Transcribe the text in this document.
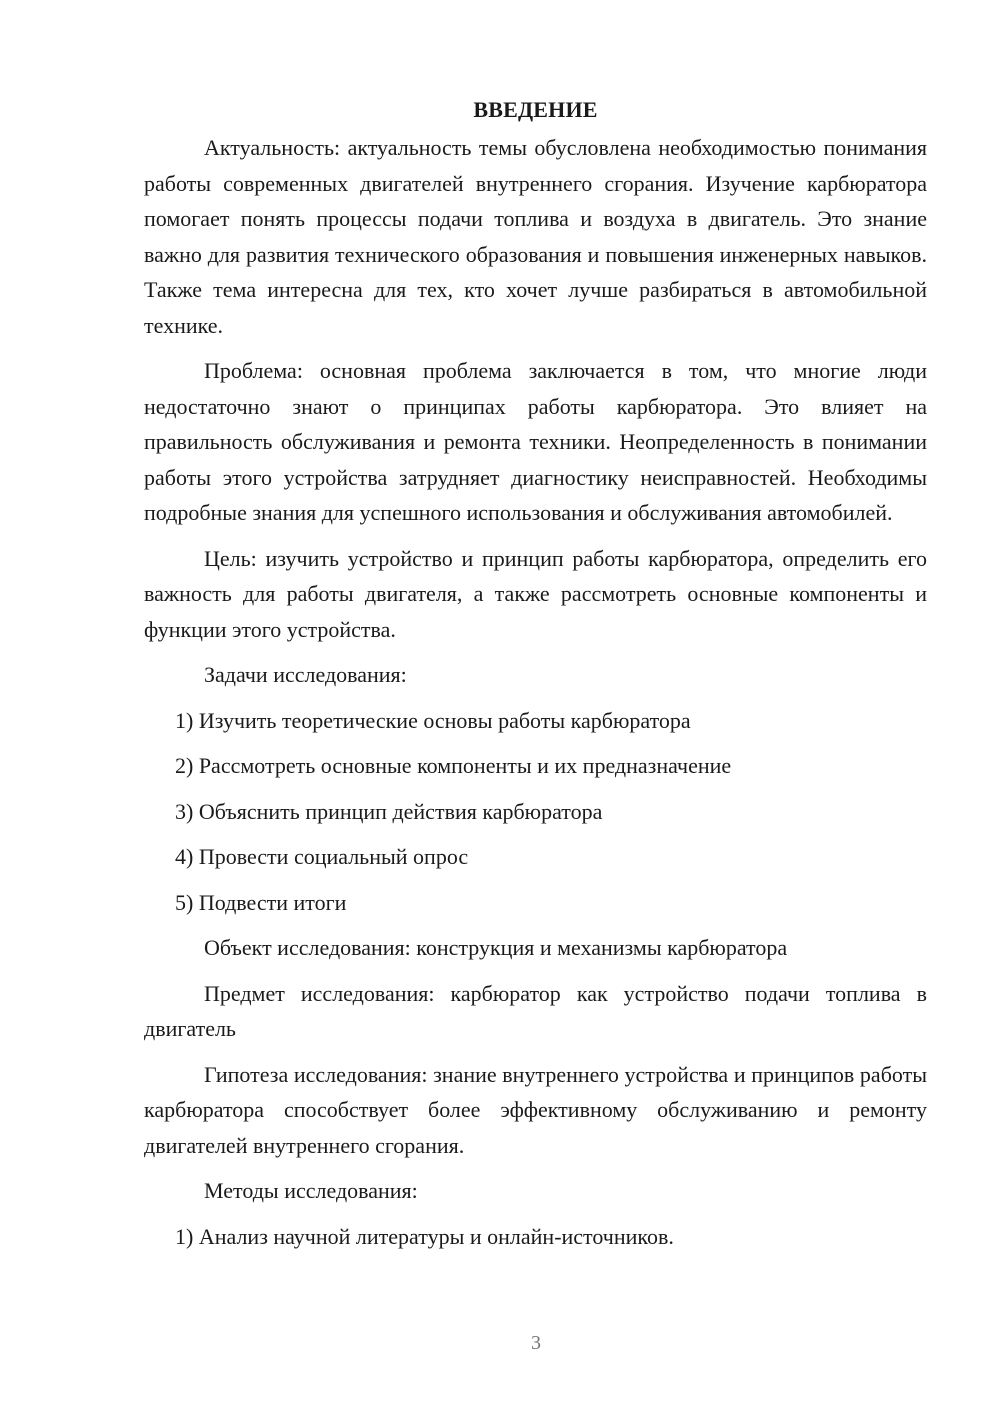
ВВЕДЕНИЕ

Актуальность: актуальность темы обусловлена необходимостью понимания работы современных двигателей внутреннего сгорания. Изучение карбюратора помогает понять процессы подачи топлива и воздуха в двигатель. Это знание важно для развития технического образования и повышения инженерных навыков. Также тема интересна для тех, кто хочет лучше разбираться в автомобильной технике.

Проблема: основная проблема заключается в том, что многие люди недостаточно знают о принципах работы карбюратора. Это влияет на правильность обслуживания и ремонта техники. Неопределенность в понимании работы этого устройства затрудняет диагностику неисправностей. Необходимы подробные знания для успешного использования и обслуживания автомобилей.

Цель: изучить устройство и принцип работы карбюратора, определить его важность для работы двигателя, а также рассмотреть основные компоненты и функции этого устройства.

Задачи исследования:
1) Изучить теоретические основы работы карбюратора
2) Рассмотреть основные компоненты и их предназначение
3) Объяснить принцип действия карбюратора
4) Провести социальный опрос
5) Подвести итоги
Объект исследования: конструкция и механизмы карбюратора

Предмет исследования: карбюратор как устройство подачи топлива в двигатель

Гипотеза исследования: знание внутреннего устройства и принципов работы карбюратора способствует более эффективному обслуживанию и ремонту двигателей внутреннего сгорания.

Методы исследования:
1) Анализ научной литературы и онлайн-источников.
3
